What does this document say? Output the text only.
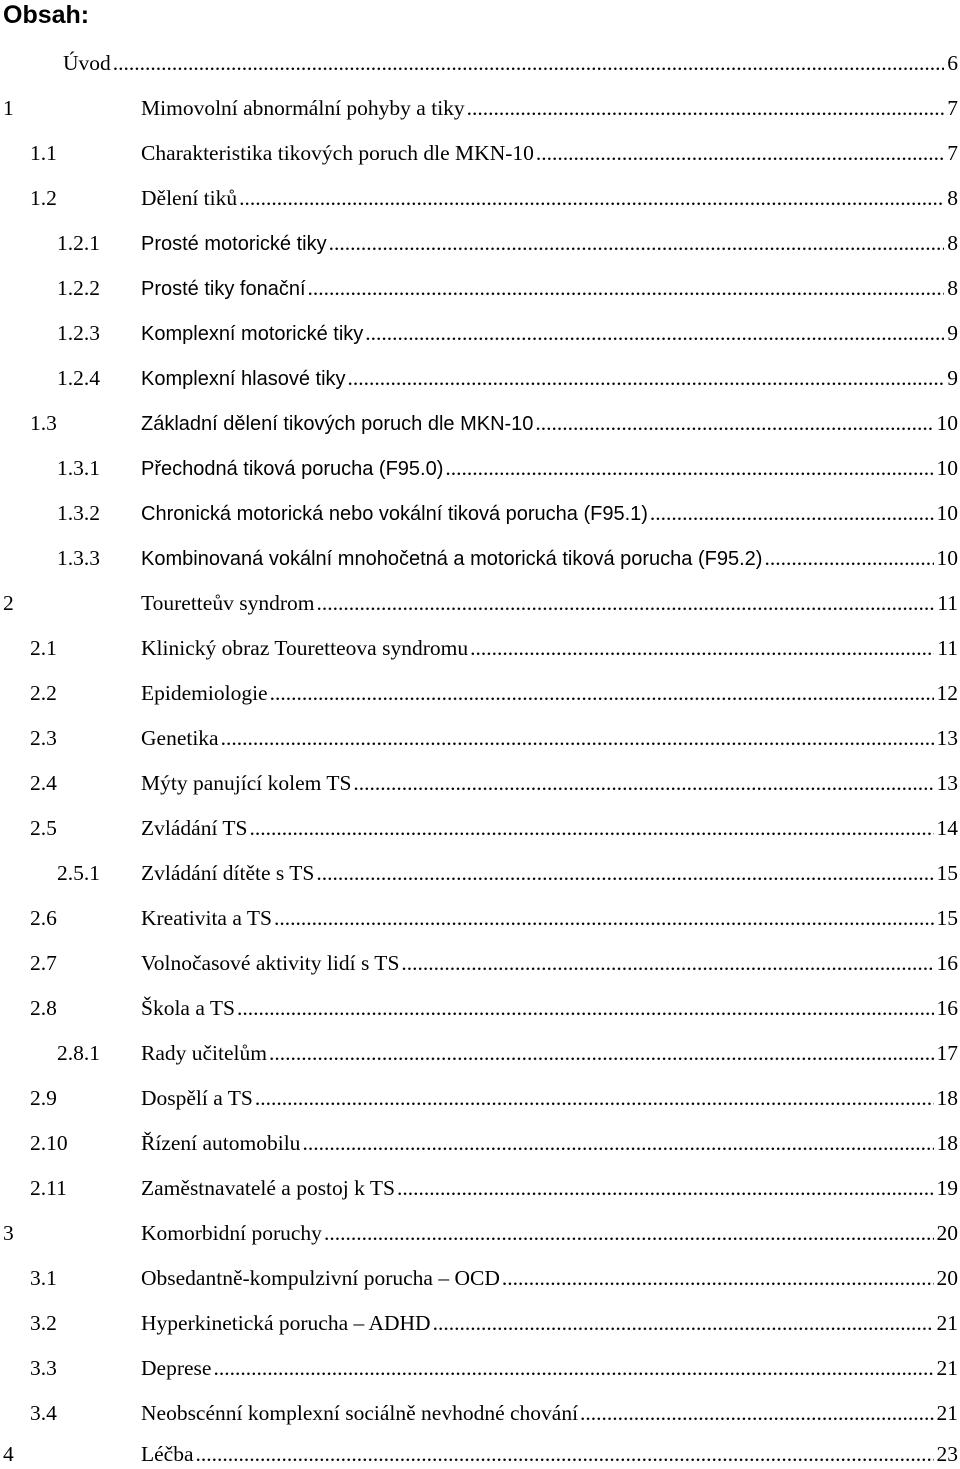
Obsah:
Úvod .....	6
1	Mimovolní abnormální pohyby a tiky .....	7
1.1	Charakteristika tikových poruch dle MKN-10 .....	7
1.2	Dělení tiků .....	8
1.2.1	Prosté motorické tiky .....	8
1.2.2	Prosté tiky fonační .....	8
1.2.3	Komplexní motorické tiky .....	9
1.2.4	Komplexní hlasové tiky .....	9
1.3	Základní dělení tikových poruch dle MKN-10 .....	10
1.3.1	Přechodná tiková porucha (F95.0) .....	10
1.3.2	Chronická motorická nebo vokální tiková porucha (F95.1) .....	10
1.3.3	Kombinovaná vokální mnohočetná a motorická tiková porucha (F95.2) .....	10
2	Touretteův syndrom .....	11
2.1	Klinický obraz Touretteova syndromu .....	11
2.2	Epidemiologie .....	12
2.3	Genetika .....	13
2.4	Mýty panující kolem TS .....	13
2.5	Zvládání TS .....	14
2.5.1	Zvládání dítěte s TS .....	15
2.6	Kreativita a TS .....	15
2.7	Volnočasové aktivity lidí s TS .....	16
2.8	Škola a TS .....	16
2.8.1	Rady učitelům .....	17
2.9	Dospělí a TS .....	18
2.10	Řízení automobilu .....	18
2.11	Zaměstnavatelé a postoj k TS .....	19
3	Komorbidní poruchy .....	20
3.1	Obsedantně-kompulzivní porucha – OCD .....	20
3.2	Hyperkinetická porucha – ADHD .....	21
3.3	Deprese .....	21
3.4	Neobscénní komplexní sociálně nevhodné chování .....	21
4	Léčba .....	23
